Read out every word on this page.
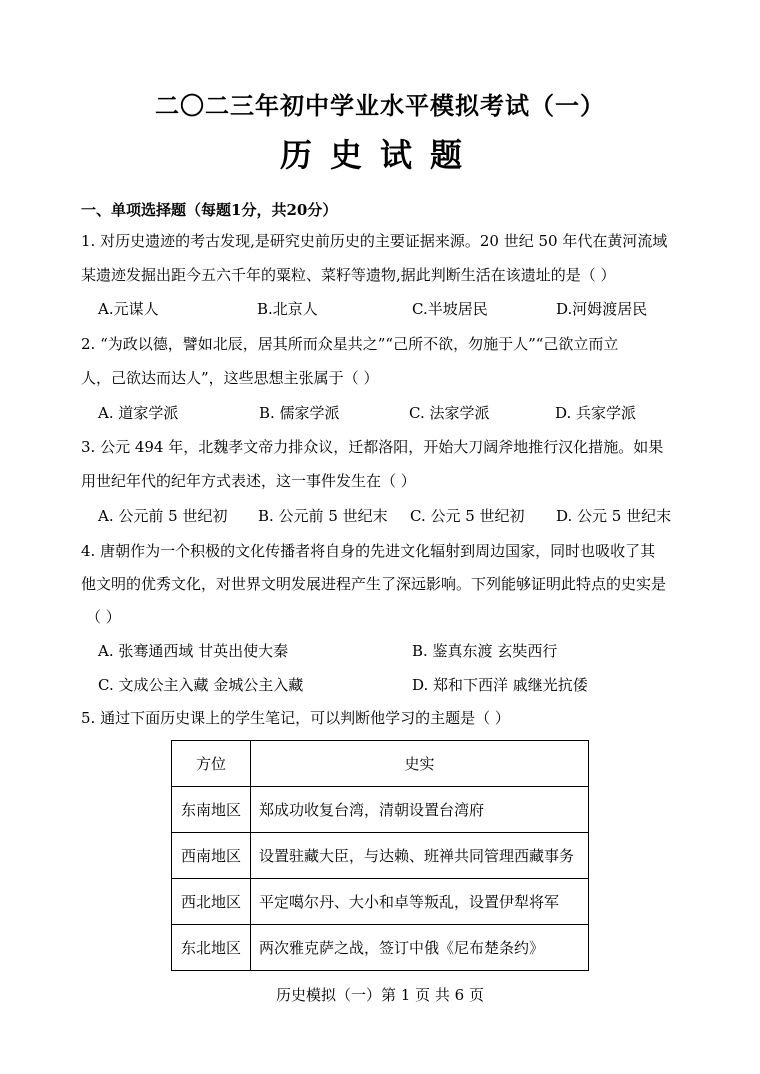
二〇二三年初中学业水平模拟考试（一）
历史试题
一、单项选择题（每题1分，共20分）
1. 对历史遗迹的考古发现,是研究史前历史的主要证据来源。20 世纪 50 年代在黄河流域
某遗迹发掘出距今五六千年的粟粒、菜籽等遗物,据此判断生活在该遗址的是（ ）
A.元谋人	B.北京人	C.半坡居民	D.河姆渡居民
2. “为政以德，譬如北辰，居其所而众星共之”“己所不欲，勿施于人”“己欲立而立
人，己欲达而达人”，这些思想主张属于（ ）
A. 道家学派	B. 儒家学派	C. 法家学派	D. 兵家学派
3. 公元 494 年，北魏孝文帝力排众议，迁都洛阳，开始大刀阔斧地推行汉化措施。如果
用世纪年代的纪年方式表述，这一事件发生在（ ）
A. 公元前 5 世纪初 B. 公元前 5 世纪末 C. 公元 5 世纪初 D. 公元 5 世纪末
4. 唐朝作为一个积极的文化传播者将自身的先进文化辐射到周边国家，同时也吸收了其
他文明的优秀文化，对世界文明发展进程产生了深远影响。下列能够证明此特点的史实是
（ ）
A. 张骞通西域 甘英出使大秦	B. 鉴真东渡 玄奘西行
C. 文成公主入藏 金城公主入藏	D. 郑和下西洋 戚继光抗倭
5. 通过下面历史课上的学生笔记，可以判断他学习的主题是（ ）
方位	史实
东南地区	郑成功收复台湾，清朝设置台湾府
西南地区	设置驻藏大臣，与达赖、班禅共同管理西藏事务
西北地区	平定噶尔丹、大小和卓等叛乱，设置伊犁将军
东北地区	两次雅克萨之战，签订中俄《尼布楚条约》
历史模拟（一）第 1 页 共 6 页
